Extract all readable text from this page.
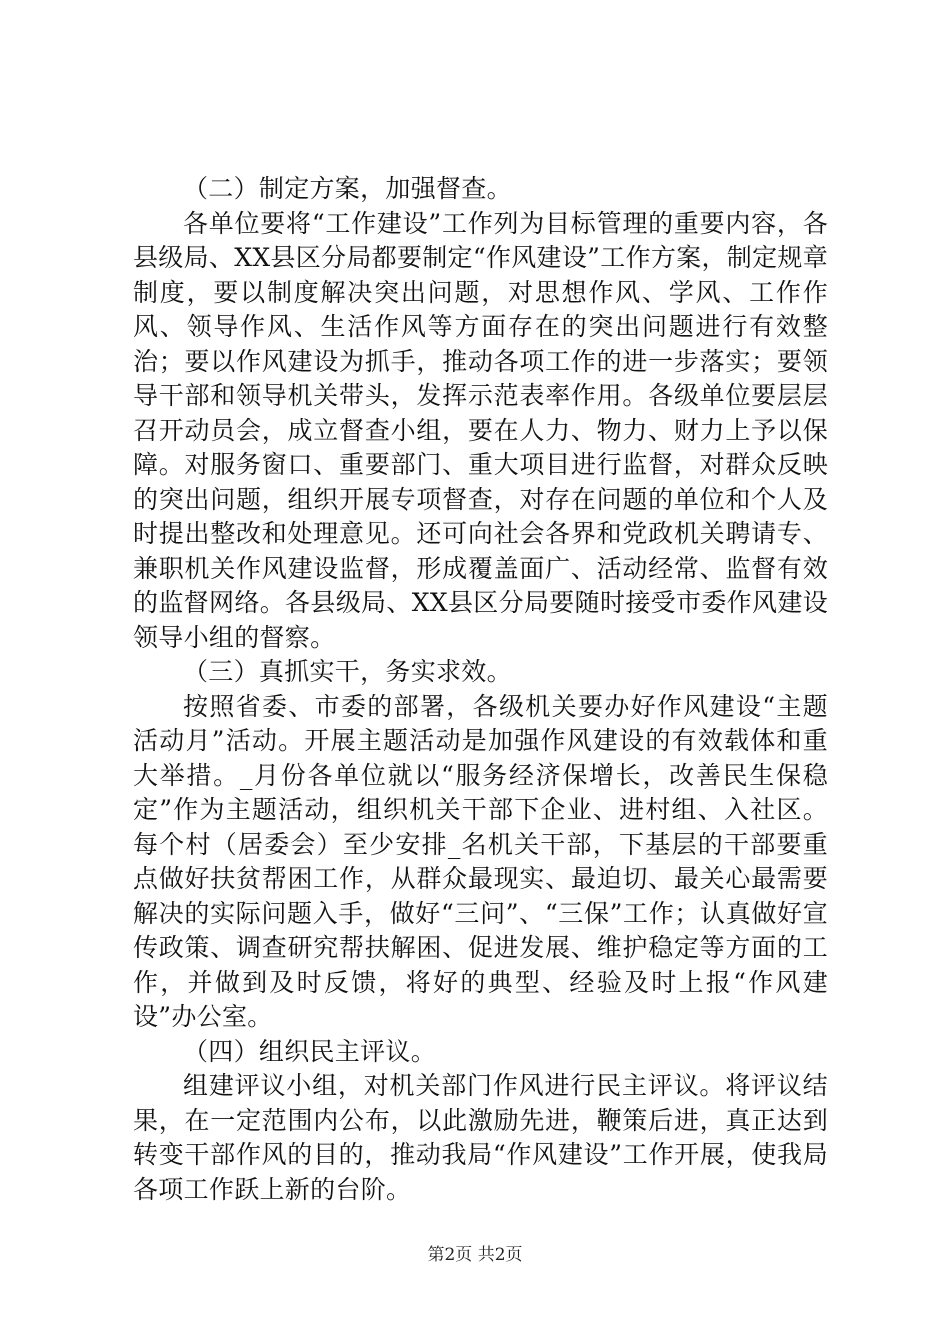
（二）制定方案，加强督查。

各单位要将“工作建设”工作列为目标管理的重要内容，各县级局、XX县区分局都要制定“作风建设”工作方案，制定规章制度，要以制度解决突出问题，对思想作风、学风、工作作风、领导作风、生活作风等方面存在的突出问题进行有效整治；要以作风建设为抓手，推动各项工作的进一步落实；要领导干部和领导机关带头，发挥示范表率作用。各级单位要层层召开动员会，成立督查小组，要在人力、物力、财力上予以保障。对服务窗口、重要部门、重大项目进行监督，对群众反映的突出问题，组织开展专项督查，对存在问题的单位和个人及时提出整改和处理意见。还可向社会各界和党政机关聘请专、兼职机关作风建设监督，形成覆盖面广、活动经常、监督有效的监督网络。各县级局、XX县区分局要随时接受市委作风建设领导小组的督察。

（三）真抓实干，务实求效。

按照省委、市委的部署，各级机关要办好作风建设“主题活动月”活动。开展主题活动是加强作风建设的有效载体和重大举措。_月份各单位就以“服务经济保增长，改善民生保稳定”作为主题活动，组织机关干部下企业、进村组、入社区。每个村（居委会）至少安排_名机关干部，下基层的干部要重点做好扶贫帮困工作，从群众最现实、最迫切、最关心最需要解决的实际问题入手，做好“三问”、“三保”工作；认真做好宣传政策、调查研究帮扶解困、促进发展、维护稳定等方面的工作，并做到及时反馈，将好的典型、经验及时上报“作风建设”办公室。

（四）组织民主评议。

组建评议小组，对机关部门作风进行民主评议。将评议结果，在一定范围内公布，以此激励先进，鞭策后进，真正达到转变干部作风的目的，推动我局“作风建设”工作开展，使我局各项工作跃上新的台阶。

第2页 共2页
